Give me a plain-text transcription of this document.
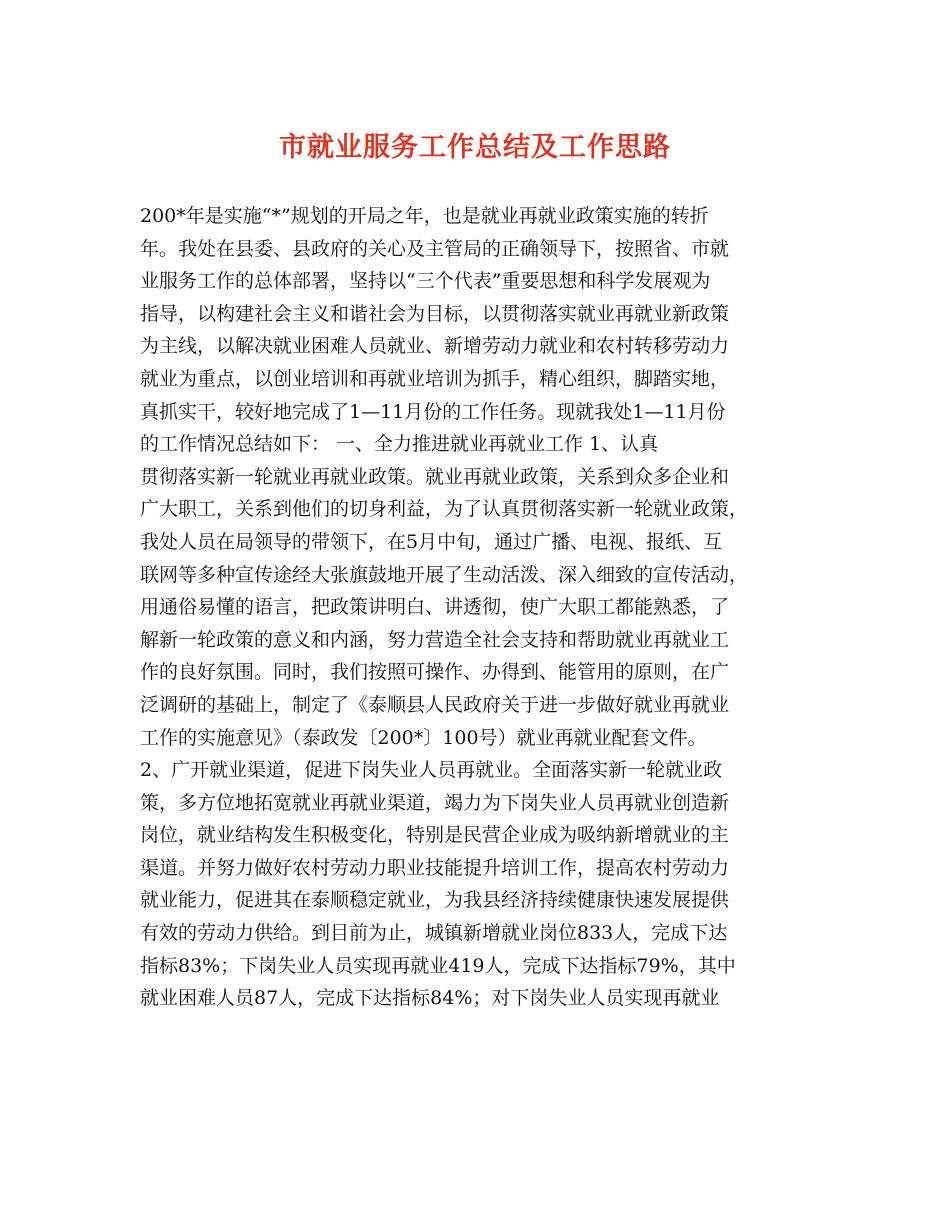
市就业服务工作总结及工作思路
200*年是实施“*”规划的开局之年，也是就业再就业政策实施的转折
年。我处在县委、县政府的关心及主管局的正确领导下，按照省、市就
业服务工作的总体部署，坚持以“三个代表”重要思想和科学发展观为
指导，以构建社会主义和谐社会为目标，以贯彻落实就业再就业新政策
为主线，以解决就业困难人员就业、新增劳动力就业和农村转移劳动力
就业为重点，以创业培训和再就业培训为抓手，精心组织，脚踏实地，
真抓实干，较好地完成了1—11月份的工作任务。现就我处1—11月份
的工作情况总结如下： 一、全力推进就业再就业工作 1、认真
贯彻落实新一轮就业再就业政策。就业再就业政策，关系到众多企业和
广大职工，关系到他们的切身利益，为了认真贯彻落实新一轮就业政策，
我处人员在局领导的带领下，在5月中旬，通过广播、电视、报纸、互
联网等多种宣传途经大张旗鼓地开展了生动活泼、深入细致的宣传活动，
用通俗易懂的语言，把政策讲明白、讲透彻，使广大职工都能熟悉，了
解新一轮政策的意义和内涵，努力营造全社会支持和帮助就业再就业工
作的良好氛围。同时，我们按照可操作、办得到、能管用的原则，在广
泛调研的基础上，制定了《泰顺县人民政府关于进一步做好就业再就业
工作的实施意见》（泰政发〔200*〕100号）就业再就业配套文件。
2、广开就业渠道，促进下岗失业人员再就业。全面落实新一轮就业政
策，多方位地拓宽就业再就业渠道，竭力为下岗失业人员再就业创造新
岗位，就业结构发生积极变化，特别是民营企业成为吸纳新增就业的主
渠道。并努力做好农村劳动力职业技能提升培训工作，提高农村劳动力
就业能力，促进其在泰顺稳定就业，为我县经济持续健康快速发展提供
有效的劳动力供给。到目前为止，城镇新增就业岗位833人，完成下达
指标83%；下岗失业人员实现再就业419人，完成下达指标79%，其中
就业困难人员87人，完成下达指标84%；对下岗失业人员实现再就业
